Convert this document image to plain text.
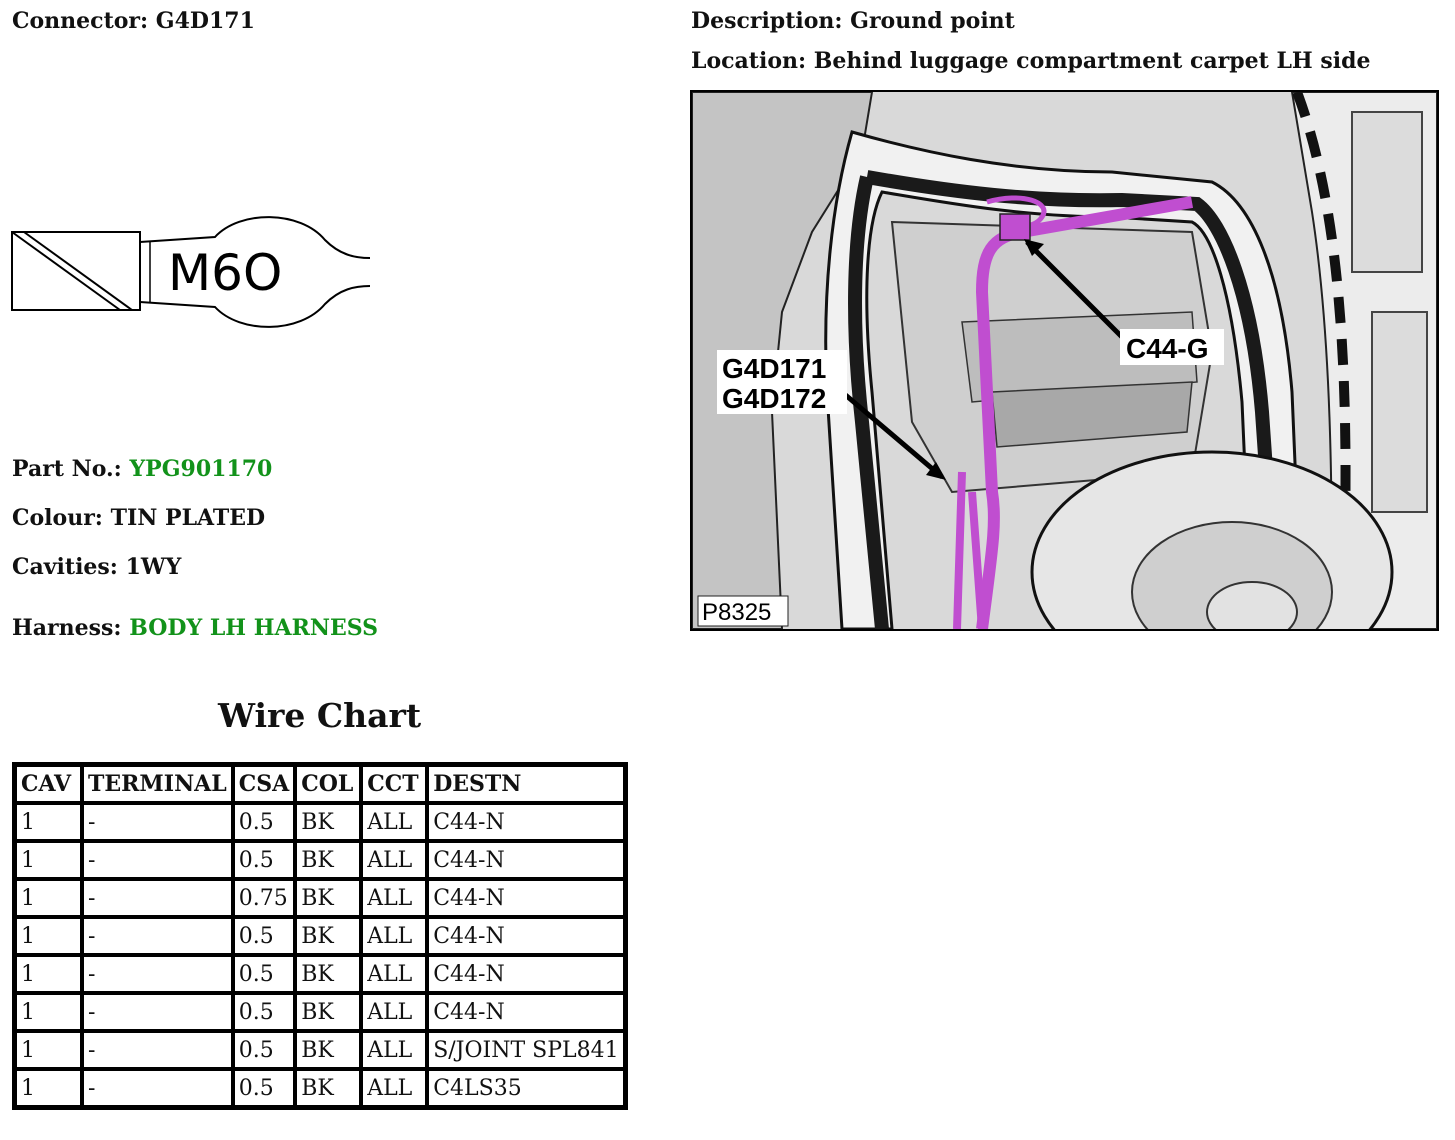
Connector: G4D171	Description: Ground point
Location: Behind luggage compartment carpet LH side
M6O
Part No.: YPG901170
Colour: TIN PLATED
Cavities: 1WY
Harness: BODY LH HARNESS
Wire Chart
CAV	TERMINAL	CSA	COL	CCT	DESTN
1	-	0.5	BK	ALL	C44-N
1	-	0.5	BK	ALL	C44-N
1	-	0.75	BK	ALL	C44-N
1	-	0.5	BK	ALL	C44-N
1	-	0.5	BK	ALL	C44-N
1	-	0.5	BK	ALL	C44-N
1	-	0.5	BK	ALL	S/JOINT SPL841
1	-	0.5	BK	ALL	C4LS35
C44-G
G4D171
G4D172
P8325
